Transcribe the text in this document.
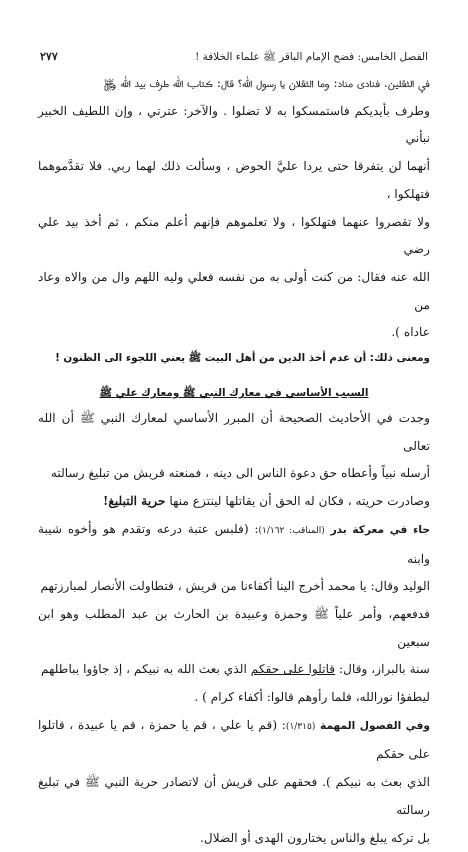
الفصل الخامس: فضح الإمام الباقر ﷺ علماء الخلافة !
٢٧٧

في الثقلين. فنادى مناد: وما الثقلان يا رسول الله؟ قال: كتاب الله طرف بيد الله ﷿

وطرف بأيديكم فاستمسكوا به لا تضلوا . والآخر: عترتي ، وإن اللطيف الخبير نبأني

أنهما لن يتفرقا حتى يردا عليَّ الحوض ، وسألت ذلك لهما ربي. فلا تقدَّموهما فتهلكوا ،

ولا تقصروا عنهما فتهلكوا ، ولا تعلموهم فإنهم أعلم منكم ، ثم أخذ بيد علي رضي

الله عنه فقال: من كنت أولى به من نفسه فعلي وليه اللهم وال من والاه وعاد من

عاداه ).

ومعنى ذلك: أن عدم أخذ الدين من أهل البيت ﷺ يعني اللجوء الى الظنون !

السبب الأساسي في معارك النبي ﷺ ومعارك علي ﷺ

وجدت في الأحاديث الصحيحة أن المبرر الأساسي لمعارك النبي ﷺ أن الله تعالى

أرسله نبياً وأعطاه حق دعوة الناس الى دينه ، فمنعته قريش من تبليغ رسالته

وصادرت حريته ، فكان له الحق أن يقاتلها لينتزع منها حرية التبليغ!

جاء في معركة بدر (المناقب: ١/١٦٢): (فلبس عتبة درعه وتقدم هو وأخوه شيبة وابنه

الوليد وقال: يا محمد أخرج الينا أكفاءنا من قريش ، فتطاولت الأنصار لمبارزتهم

فدفعهم، وأمر علياً ﷺ وحمزة وعبيدة بن الحارث بن عبد المطلب وهو ابن سبعين

سنة بالبراز، وقال: قاتلوا على حقكم الذي بعث الله به نبيكم ، إذ جاؤوا بباطلهم

ليطفؤا نورالله، فلما رأوهم قالوا: أكفاء كرام ) .

وفي الفصول المهمة (١/٣١٥): (قم يا علي ، قم يا حمزة ، قم يا عبيدة ، قاتلوا على حقكم

الذي بعث به نبيكم ). فحقهم على قريش أن لاتصادر حرية النبي ﷺ في تبليغ رسالته

بل تركه يبلغ والناس يختارون الهدى أو الضلال.
